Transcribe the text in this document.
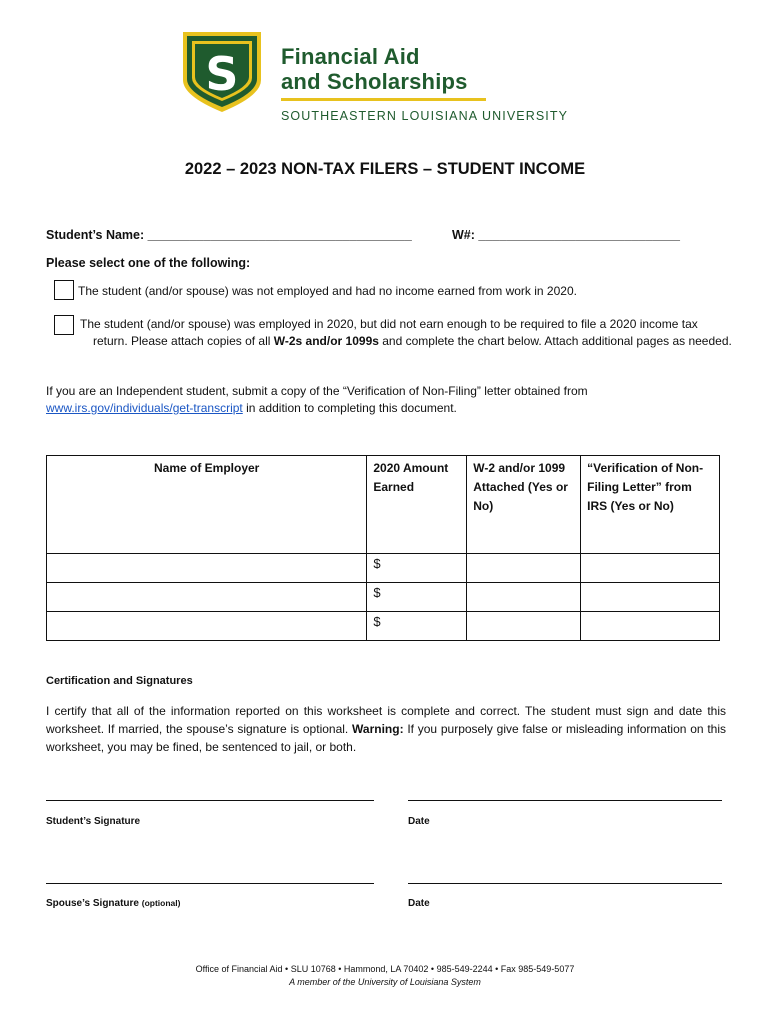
S Financial Aid
and Scholarships
SOUTHEASTERN LOUISIANA UNIVERSITY
2022 – 2023 NON-TAX FILERS – STUDENT INCOME
Student’s Name: ______________________________________	W#: _____________________________
Please select one of the following:
The student (and/or spouse) was not employed and had no income earned from work in 2020.
The student (and/or spouse) was employed in 2020, but did not earn enough to be required to file a 2020 income tax return. Please attach copies of all W-2s and/or 1099s and complete the chart below. Attach additional pages as needed.
If you are an Independent student, submit a copy of the “Verification of Non-Filing” letter obtained from
www.irs.gov/individuals/get-transcript in addition to completing this document.
Name of Employer	2020 Amount Earned	W-2 and/or 1099 Attached (Yes or No)	“Verification of Non-Filing Letter” from IRS (Yes or No)
	$		
	$		
	$		
Certification and Signatures
I certify that all of the information reported on this worksheet is complete and correct. The student must sign and date this worksheet. If married, the spouse’s signature is optional. Warning: If you purposely give false or misleading information on this worksheet, you may be fined, be sentenced to jail, or both.
Student’s Signature	Date
Spouse’s Signature (optional)	Date
Office of Financial Aid • SLU 10768 • Hammond, LA 70402 • 985-549-2244 • Fax 985-549-5077
A member of the University of Louisiana System
